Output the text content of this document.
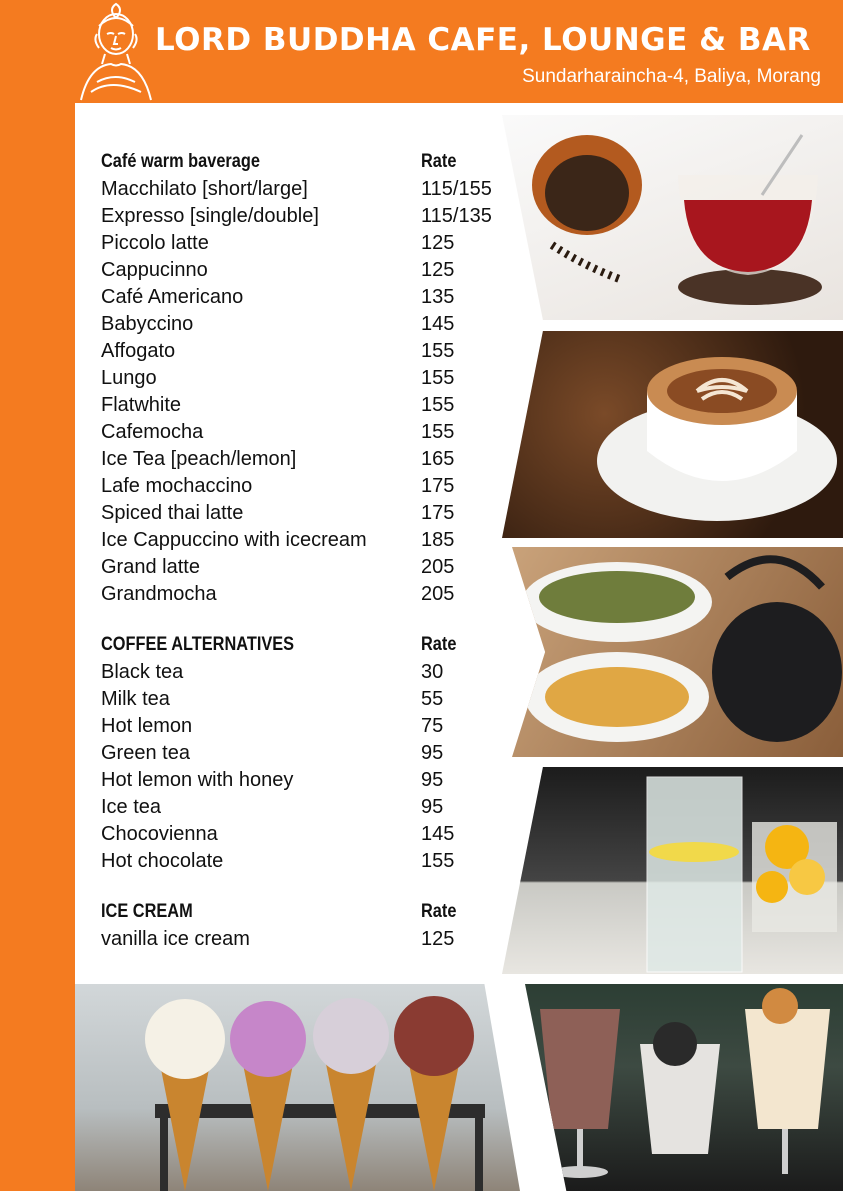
LORD BUDDHA CAFE, LOUNGE & BAR
Sundarharaincha-4, Baliya, Morang
Café warm baverage	Rate
Macchilato [short/large]	115/155
Expresso [single/double]	115/135
Piccolo latte	125
Cappucinno	125
Café Americano	135
Babyccino	145
Affogato	155
Lungo	155
Flatwhite	155
Cafemocha	155
Ice Tea [peach/lemon]	165
Lafe mochaccino	175
Spiced thai latte	175
Ice Cappuccino with icecream	185
Grand latte	205
Grandmocha	205
COFFEE ALTERNATIVES	Rate
Black tea	30
Milk tea	55
Hot lemon	75
Green tea	95
Hot lemon with honey	95
Ice tea	95
Chocovienna	145
Hot chocolate	155
ICE CREAM	Rate
vanilla ice cream	125
